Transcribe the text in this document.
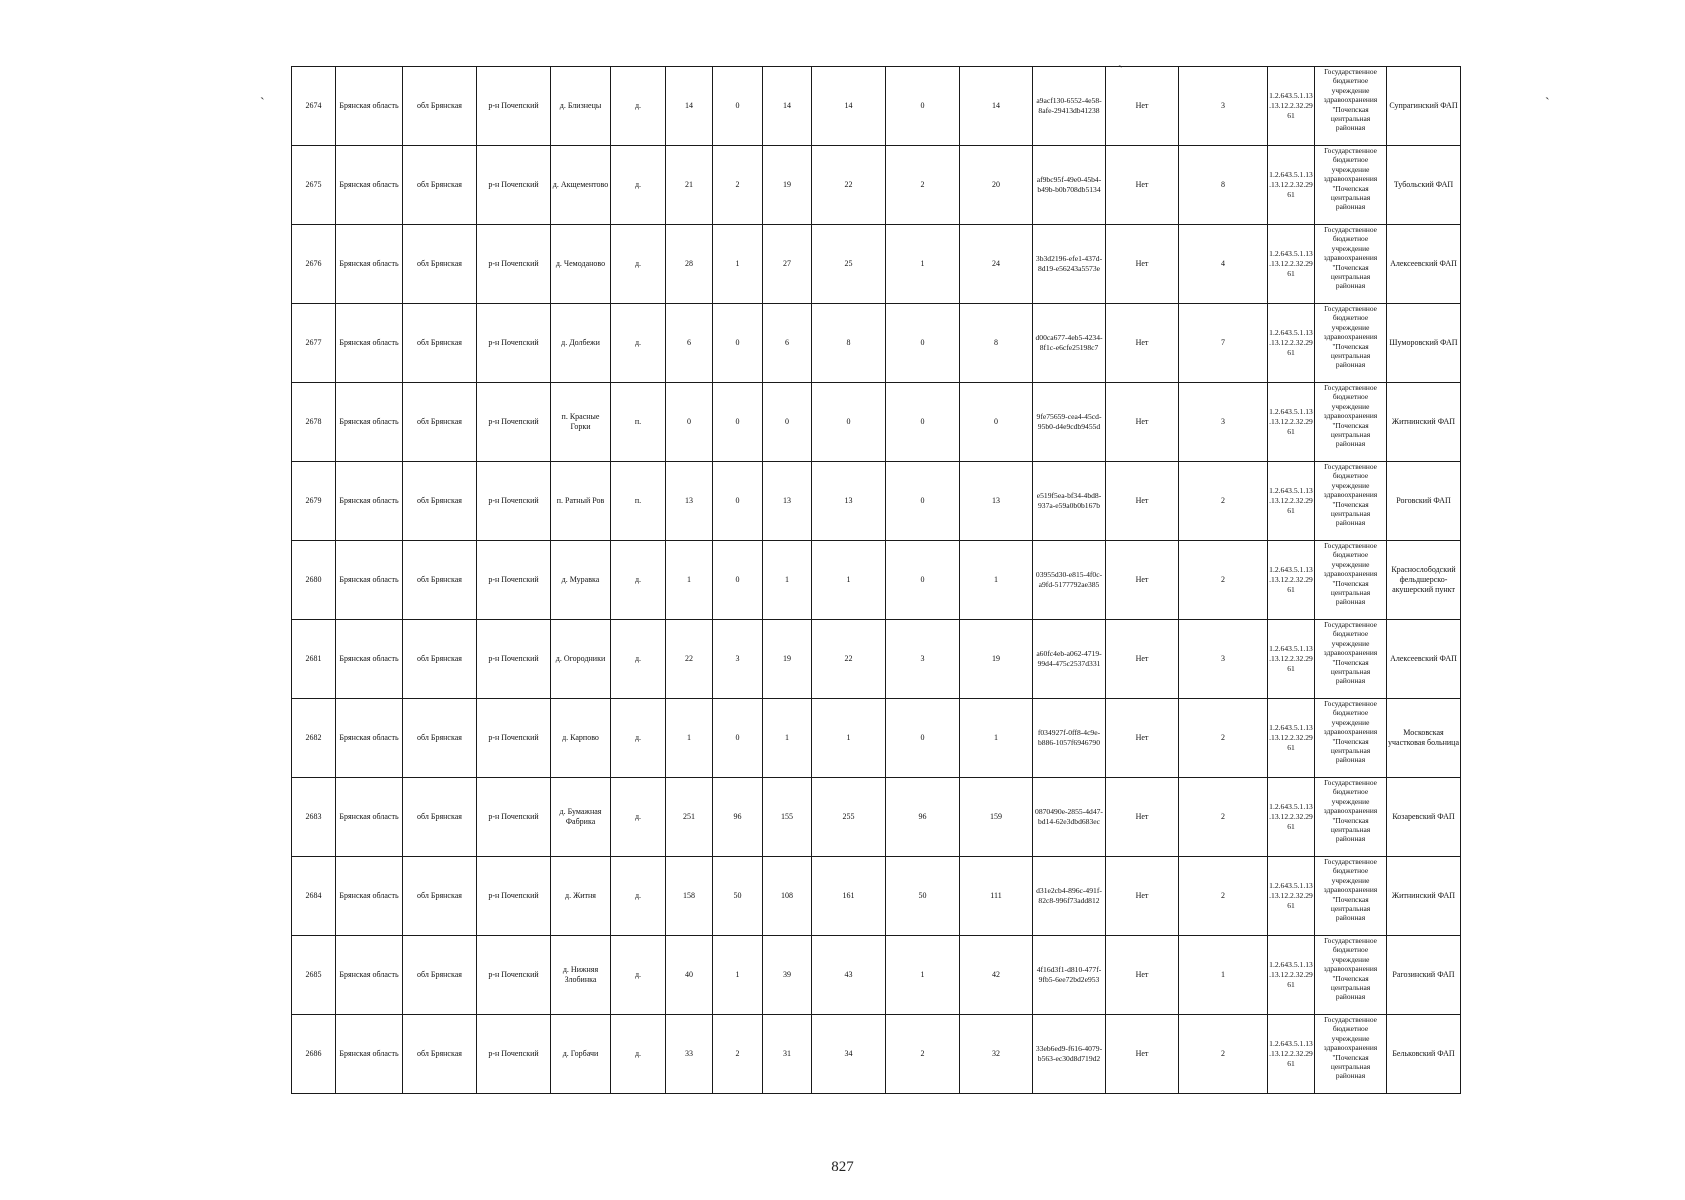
`
`
`
2674	Брянская область	обл Брянская	р-н Почепский	д. Близнецы	д.	14	0	14	14	0	14	a9acf130-6552-4e58-8afe-29413db41238	Нет	3	1.2.643.5.1.13.13.12.2.32.2961	Государственное бюджетное учреждение здравоохранения "Почепская центральная районная	Супрагинский ФАП
2675	Брянская область	обл Брянская	р-н Почепский	д. Акщементово	д.	21	2	19	22	2	20	af9bc95f-49e0-45b4-b49b-b0b708db5134	Нет	8	1.2.643.5.1.13.13.12.2.32.2961	Государственное бюджетное учреждение здравоохранения "Почепская центральная районная	Тубольский ФАП
2676	Брянская область	обл Брянская	р-н Почепский	д. Чемоданово	д.	28	1	27	25	1	24	3b3d2196-efe1-437d-8d19-e56243a5573e	Нет	4	1.2.643.5.1.13.13.12.2.32.2961	Государственное бюджетное учреждение здравоохранения "Почепская центральная районная	Алексеевский ФАП
2677	Брянская область	обл Брянская	р-н Почепский	д. Долбежи	д.	6	0	6	8	0	8	d00ca677-4eb5-4234-8f1c-e6cfe25198c7	Нет	7	1.2.643.5.1.13.13.12.2.32.2961	Государственное бюджетное учреждение здравоохранения "Почепская центральная районная	Шумоpовский ФАП
2678	Брянская область	обл Брянская	р-н Почепский	п. Красные Горки	п.	0	0	0	0	0	0	9fe75659-cea4-45cd-95b0-d4e9cdb9455d	Нет	3	1.2.643.5.1.13.13.12.2.32.2961	Государственное бюджетное учреждение здравоохранения "Почепская центральная районная	Житнинский ФАП
2679	Брянская область	обл Брянская	р-н Почепский	п. Ратный Ров	п.	13	0	13	13	0	13	e519f5ea-bf34-4bd8-937a-e59a0b0b167b	Нет	2	1.2.643.5.1.13.13.12.2.32.2961	Государственное бюджетное учреждение здравоохранения "Почепская центральная районная	Роговский ФАП
2680	Брянская область	обл Брянская	р-н Почепский	д. Муравка	д.	1	0	1	1	0	1	03955d30-e815-4f0c-a9fd-5177792ae385	Нет	2	1.2.643.5.1.13.13.12.2.32.2961	Государственное бюджетное учреждение здравоохранения "Почепская центральная районная	Краснослободский фельдшерско-акушерский пункт
2681	Брянская область	обл Брянская	р-н Почепский	д. Огородники	д.	22	3	19	22	3	19	a60fc4eb-a062-4719-99d4-475c2537d331	Нет	3	1.2.643.5.1.13.13.12.2.32.2961	Государственное бюджетное учреждение здравоохранения "Почепская центральная районная	Алексеевский ФАП
2682	Брянская область	обл Брянская	р-н Почепский	д. Карпово	д.	1	0	1	1	0	1	f034927f-0ff8-4c9e-b886-1057f6946790	Нет	2	1.2.643.5.1.13.13.12.2.32.2961	Государственное бюджетное учреждение здравоохранения "Почепская центральная районная	Московская участковая больница
2683	Брянская область	обл Брянская	р-н Почепский	д. Бумажная Фабрика	д.	251	96	155	255	96	159	0870490e-2855-4d47-bd14-62e3dbd683ec	Нет	2	1.2.643.5.1.13.13.12.2.32.2961	Государственное бюджетное учреждение здравоохранения "Почепская центральная районная	Козаревский ФАП
2684	Брянская область	обл Брянская	р-н Почепский	д. Житня	д.	158	50	108	161	50	111	d31e2cb4-896c-491f-82c8-996f73add812	Нет	2	1.2.643.5.1.13.13.12.2.32.2961	Государственное бюджетное учреждение здравоохранения "Почепская центральная районная	Житнинский ФАП
2685	Брянская область	обл Брянская	р-н Почепский	д. Нижняя Злобинка	д.	40	1	39	43	1	42	4f16d3f1-d810-477f-9fb5-6ee72bd2e953	Нет	1	1.2.643.5.1.13.13.12.2.32.2961	Государственное бюджетное учреждение здравоохранения "Почепская центральная районная	Рагозинский ФАП
2686	Брянская область	обл Брянская	р-н Почепский	д. Горбачи	д.	33	2	31	34	2	32	33eb6ed9-f616-4079-b563-ec30d8d719d2	Нет	2	1.2.643.5.1.13.13.12.2.32.2961	Государственное бюджетное учреждение здравоохранения "Почепская центральная районная	Бельковский ФАП
827
